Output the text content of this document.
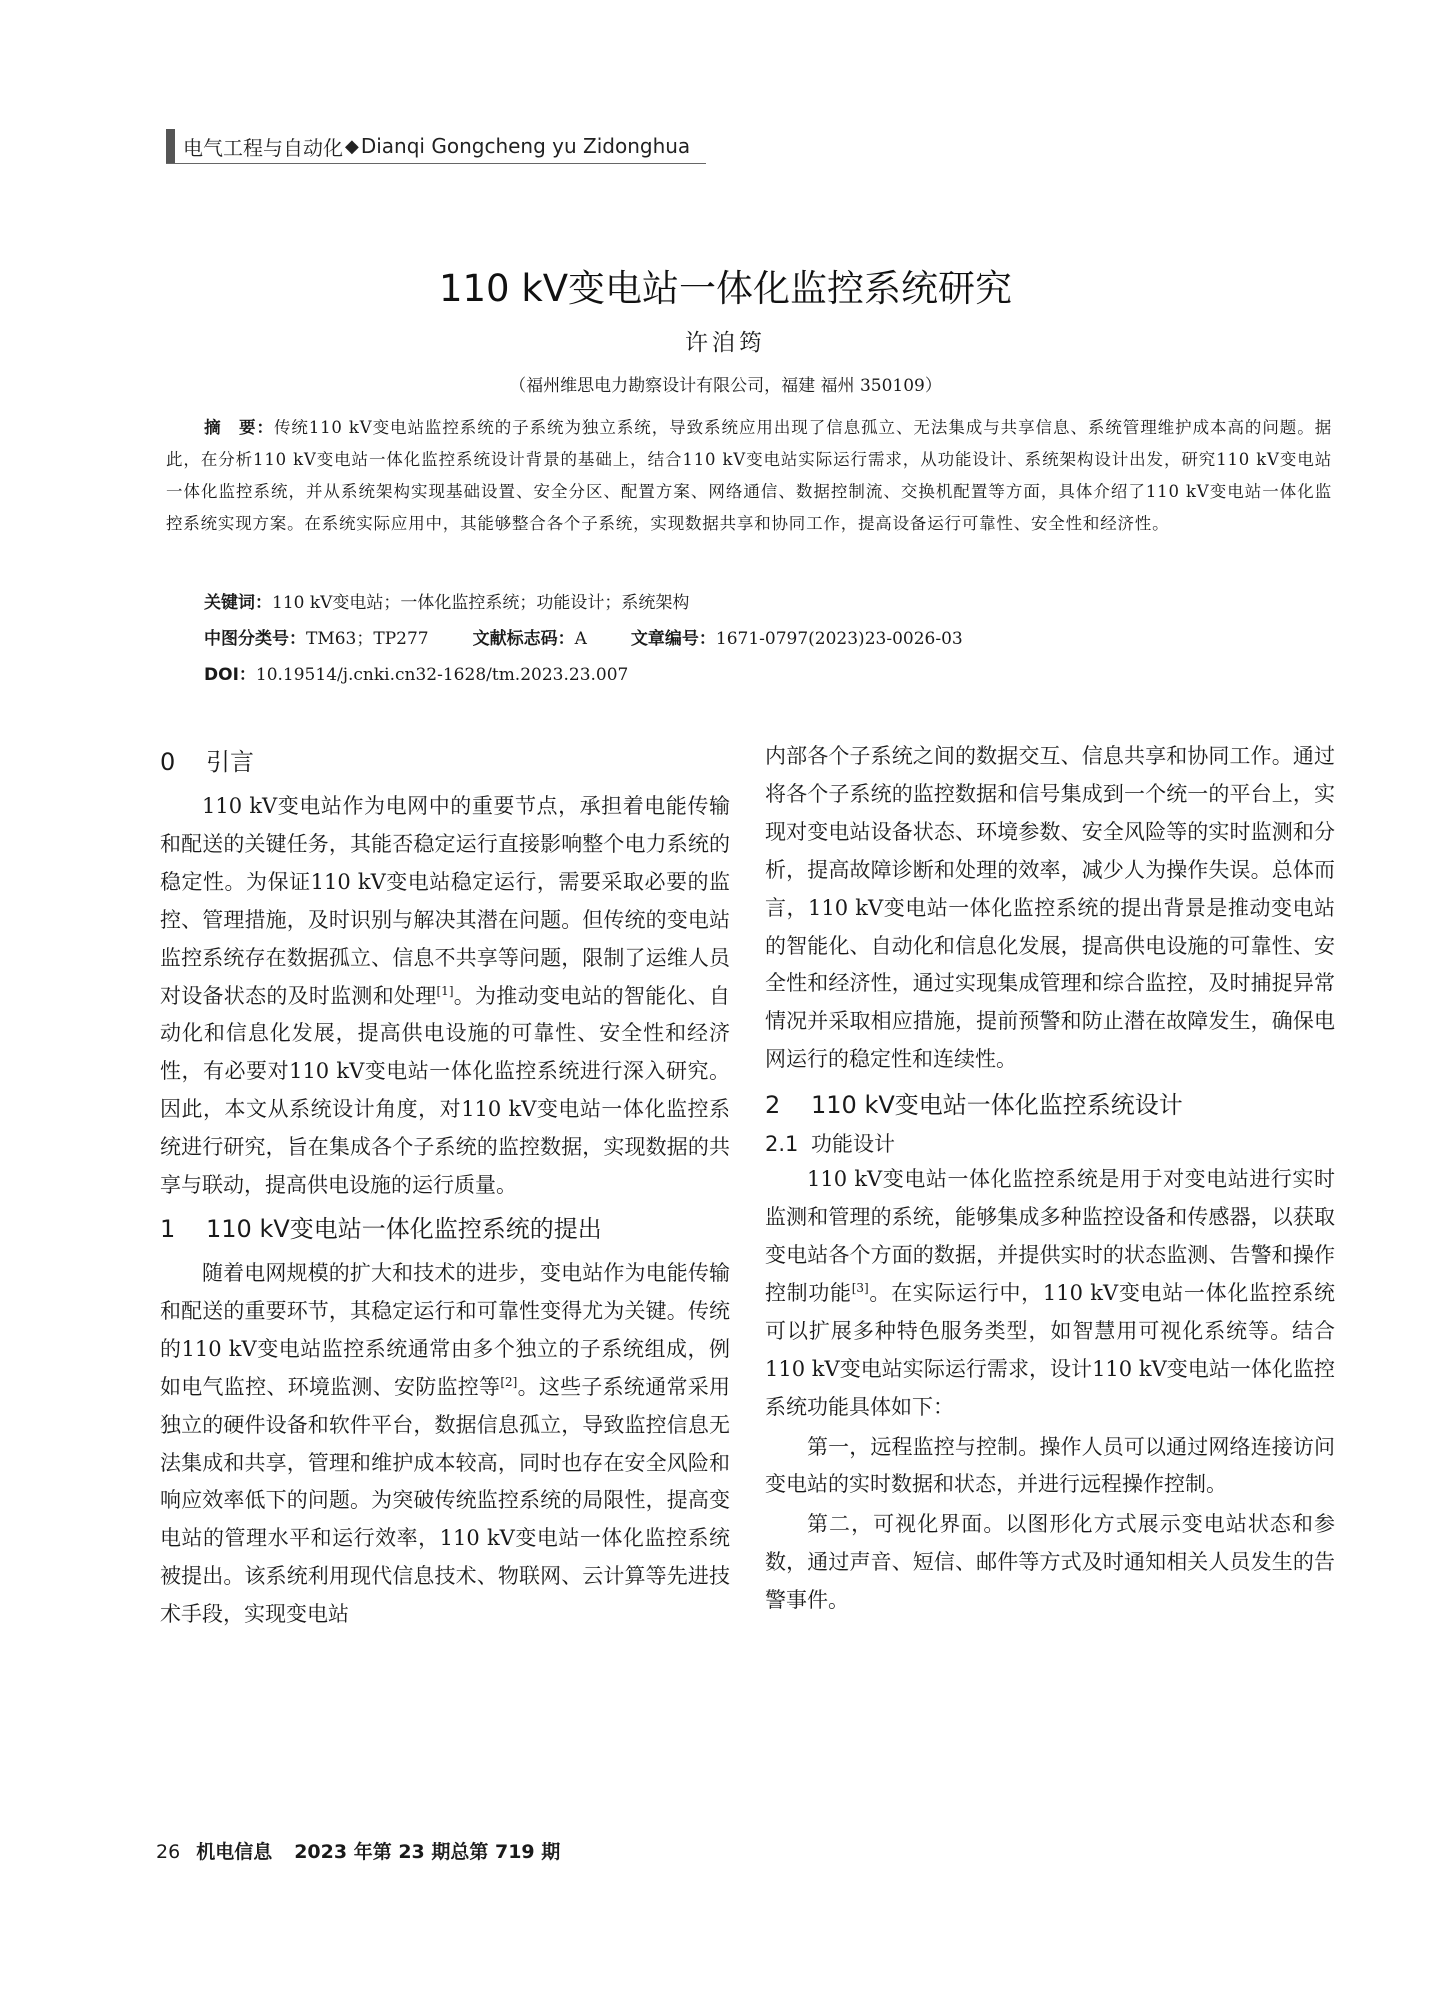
电气工程与自动化 ◆ Dianqi Gongcheng yu Zidonghua
110 kV变电站一体化监控系统研究
许洎筠
（福州维思电力勘察设计有限公司，福建 福州 350109）
摘　要：传统110 kV变电站监控系统的子系统为独立系统，导致系统应用出现了信息孤立、无法集成与共享信息、系统管理维护成本高的问题。据此，在分析110 kV变电站一体化监控系统设计背景的基础上，结合110 kV变电站实际运行需求，从功能设计、系统架构设计出发，研究110 kV变电站一体化监控系统，并从系统架构实现基础设置、安全分区、配置方案、网络通信、数据控制流、交换机配置等方面，具体介绍了110 kV变电站一体化监控系统实现方案。在系统实际应用中，其能够整合各个子系统，实现数据共享和协同工作，提高设备运行可靠性、安全性和经济性。
关键词：110 kV变电站；一体化监控系统；功能设计；系统架构
中图分类号：TM63；TP277	文献标志码：A	文章编号：1671-0797(2023)23-0026-03
DOI：10.19514/j.cnki.cn32-1628/tm.2023.23.007
0 引言

110 kV变电站作为电网中的重要节点，承担着电能传输和配送的关键任务，其能否稳定运行直接影响整个电力系统的稳定性。为保证110 kV变电站稳定运行，需要采取必要的监控、管理措施，及时识别与解决其潜在问题。但传统的变电站监控系统存在数据孤立、信息不共享等问题，限制了运维人员对设备状态的及时监测和处理[1]。为推动变电站的智能化、自动化和信息化发展，提高供电设施的可靠性、安全性和经济性，有必要对110 kV变电站一体化监控系统进行深入研究。因此，本文从系统设计角度，对110 kV变电站一体化监控系统进行研究，旨在集成各个子系统的监控数据，实现数据的共享与联动，提高供电设施的运行质量。

1 110 kV变电站一体化监控系统的提出

随着电网规模的扩大和技术的进步，变电站作为电能传输和配送的重要环节，其稳定运行和可靠性变得尤为关键。传统的110 kV变电站监控系统通常由多个独立的子系统组成，例如电气监控、环境监测、安防监控等[2]。这些子系统通常采用独立的硬件设备和软件平台，数据信息孤立，导致监控信息无法集成和共享，管理和维护成本较高，同时也存在安全风险和响应效率低下的问题。为突破传统监控系统的局限性，提高变电站的管理水平和运行效率，110 kV变电站一体化监控系统被提出。该系统利用现代信息技术、物联网、云计算等先进技术手段，实现变电站

内部各个子系统之间的数据交互、信息共享和协同工作。通过将各个子系统的监控数据和信号集成到一个统一的平台上，实现对变电站设备状态、环境参数、安全风险等的实时监测和分析，提高故障诊断和处理的效率，减少人为操作失误。总体而言，110 kV变电站一体化监控系统的提出背景是推动变电站的智能化、自动化和信息化发展，提高供电设施的可靠性、安全性和经济性，通过实现集成管理和综合监控，及时捕捉异常情况并采取相应措施，提前预警和防止潜在故障发生，确保电网运行的稳定性和连续性。

2 110 kV变电站一体化监控系统设计
2.1 功能设计

110 kV变电站一体化监控系统是用于对变电站进行实时监测和管理的系统，能够集成多种监控设备和传感器，以获取变电站各个方面的数据，并提供实时的状态监测、告警和操作控制功能[3]。在实际运行中，110 kV变电站一体化监控系统可以扩展多种特色服务类型，如智慧用可视化系统等。结合110 kV变电站实际运行需求，设计110 kV变电站一体化监控系统功能具体如下：

第一，远程监控与控制。操作人员可以通过网络连接访问变电站的实时数据和状态，并进行远程操作控制。

第二，可视化界面。以图形化方式展示变电站状态和参数，通过声音、短信、邮件等方式及时通知相关人员发生的告警事件。

26 机电信息 2023 年第 23 期总第 719 期
